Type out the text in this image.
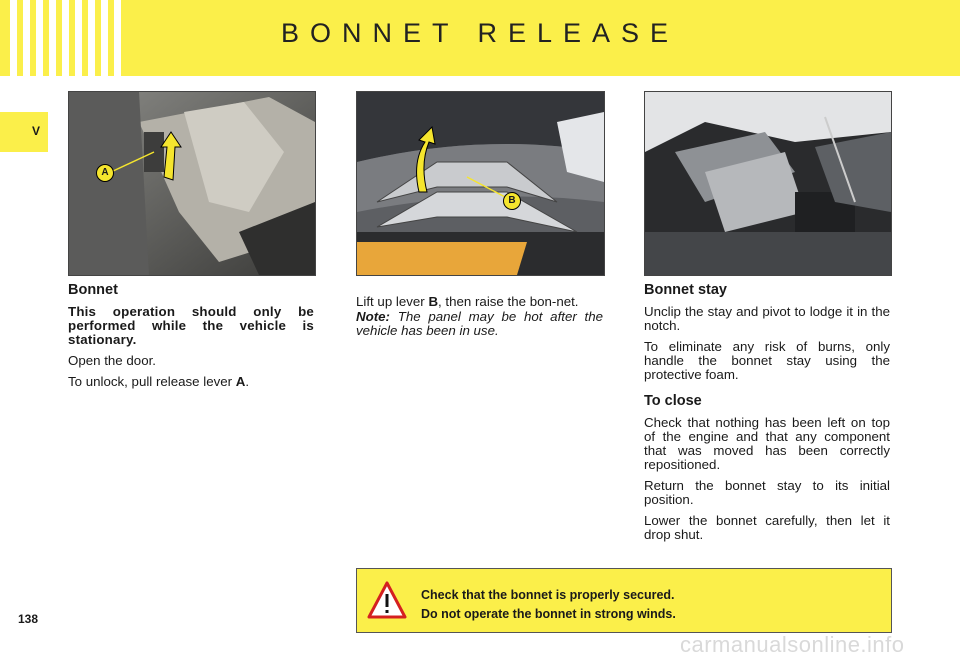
BONNET RELEASE
V
A
B
Bonnet

This operation should only be performed while the vehicle is stationary.

Open the door.

To unlock, pull release lever A.

Lift up lever B, then raise the bon-net.

Note: The panel may be hot after the vehicle has been in use.

Bonnet stay

Unclip the stay and pivot to lodge it in the notch.

To eliminate any risk of burns, only handle the bonnet stay using the protective foam.

To close

Check that nothing has been left on top of the engine and that any component that was moved has been correctly repositioned.

Return the bonnet stay to its initial position.

Lower the bonnet carefully, then let it drop shut.

Check that the bonnet is properly secured.
Do not operate the bonnet in strong winds.
138
carmanualsonline.info
